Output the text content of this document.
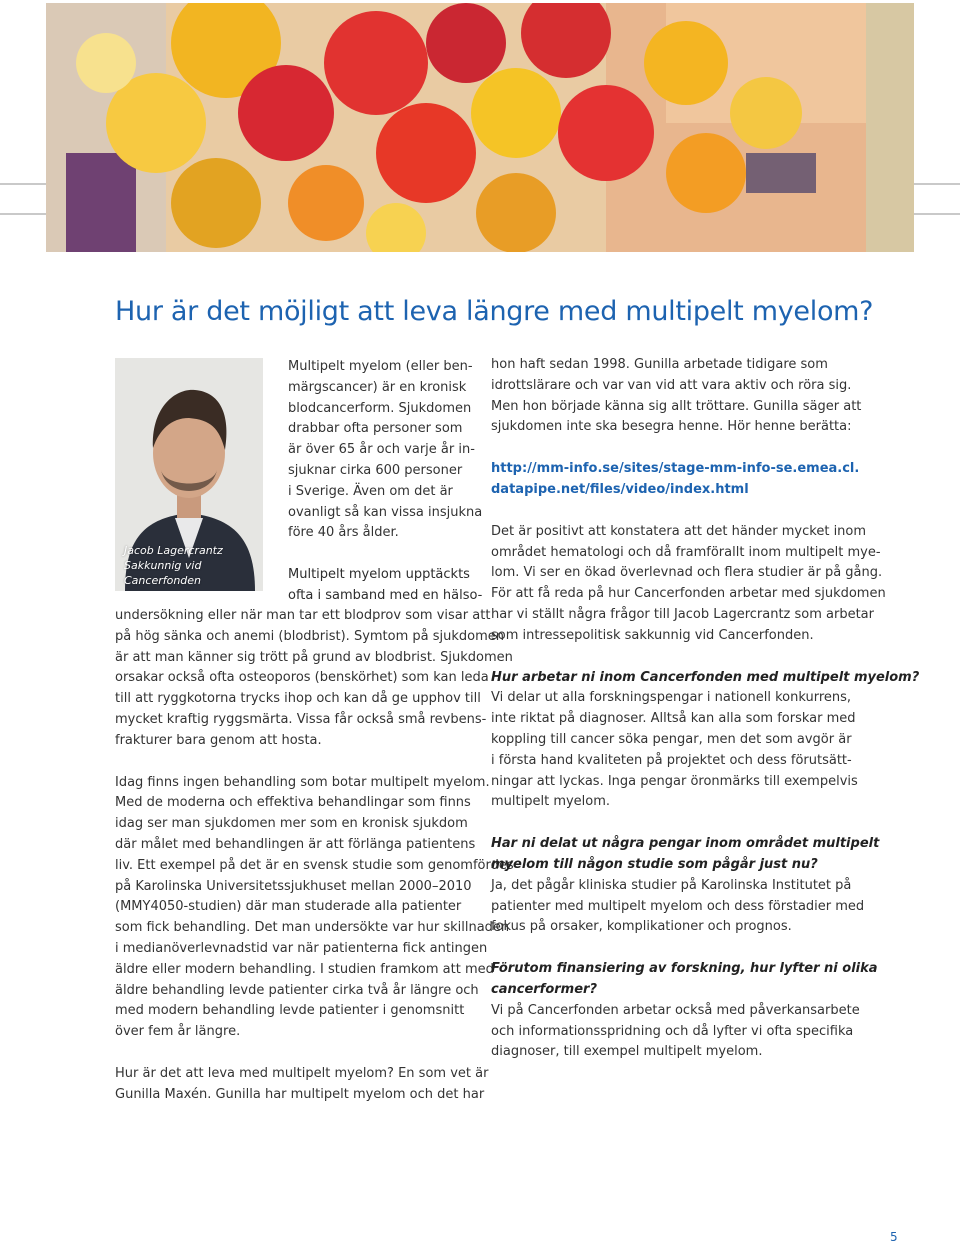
Hur är det möjligt att leva längre med multipelt myelom?
Jacob Lagercrantz
Sakkunnig vid
Cancerfonden
Multipelt myelom (eller ben-
märgscancer) är en kronisk
blodcancerform. Sjukdomen
drabbar ofta personer som
är över 65 år och varje år in-
sjuknar cirka 600 personer
i Sverige. Även om det är
ovanligt så kan vissa insjukna
före 40 års ålder.
Multipelt myelom upptäckts
ofta i samband med en hälso-

undersökning eller när man tar ett blodprov som visar att
på hög sänka och anemi (blodbrist). Symtom på sjukdomen
är att man känner sig trött på grund av blodbrist. Sjukdomen
orsakar också ofta osteoporos (benskörhet) som kan leda
till att ryggkotorna trycks ihop och kan då ge upphov till
mycket kraftig ryggsmärta. Vissa får också små revbens-
frakturer bara genom att hosta.

Idag finns ingen behandling som botar multipelt myelom.
Med de moderna och effektiva behandlingar som finns
idag ser man sjukdomen mer som en kronisk sjukdom
där målet med behandlingen är att förlänga patientens
liv. Ett exempel på det är en svensk studie som genomfördes
på Karolinska Universitetssjukhuset mellan 2000–2010
(MMY4050-studien) där man studerade alla patienter
som fick behandling. Det man undersökte var hur skillnaden
i medianöverlevnadstid var när patienterna fick antingen
äldre eller modern behandling. I studien framkom att med
äldre behandling levde patienter cirka två år längre och
med modern behandling levde patienter i genomsnitt
över fem år längre.

Hur är det att leva med multipelt myelom? En som vet är
Gunilla Maxén. Gunilla har multipelt myelom och det har

hon haft sedan 1998. Gunilla arbetade tidigare som
idrottslärare och var van vid att vara aktiv och röra sig.
Men hon började känna sig allt tröttare. Gunilla säger att
sjukdomen inte ska besegra henne. Hör henne berätta:

http://mm-info.se/sites/stage-mm-info-se.emea.cl.
datapipe.net/files/video/index.html

Det är positivt att konstatera att det händer mycket inom
området hematologi och då framförallt inom multipelt mye-
lom. Vi ser en ökad överlevnad och flera studier är på gång.
För att få reda på hur Cancerfonden arbetar med sjukdomen
har vi ställt några frågor till Jacob Lagercrantz som arbetar
som intressepolitisk sakkunnig vid Cancerfonden.

Hur arbetar ni inom Cancerfonden med multipelt myelom?
Vi delar ut alla forskningspengar i nationell konkurrens,
inte riktat på diagnoser. Alltså kan alla som forskar med
koppling till cancer söka pengar, men det som avgör är
i första hand kvaliteten på projektet och dess förutsätt-
ningar att lyckas. Inga pengar öronmärks till exempelvis
multipelt myelom.

Har ni delat ut några pengar inom området multipelt
myelom till någon studie som pågår just nu?
Ja, det pågår kliniska studier på Karolinska Institutet på
patienter med multipelt myelom och dess förstadier med
fokus på orsaker, komplikationer och prognos.

Förutom finansiering av forskning, hur lyfter ni olika
cancerformer?
Vi på Cancerfonden arbetar också med påverkansarbete
och informationsspridning och då lyfter vi ofta specifika
diagnoser, till exempel multipelt myelom.

5
